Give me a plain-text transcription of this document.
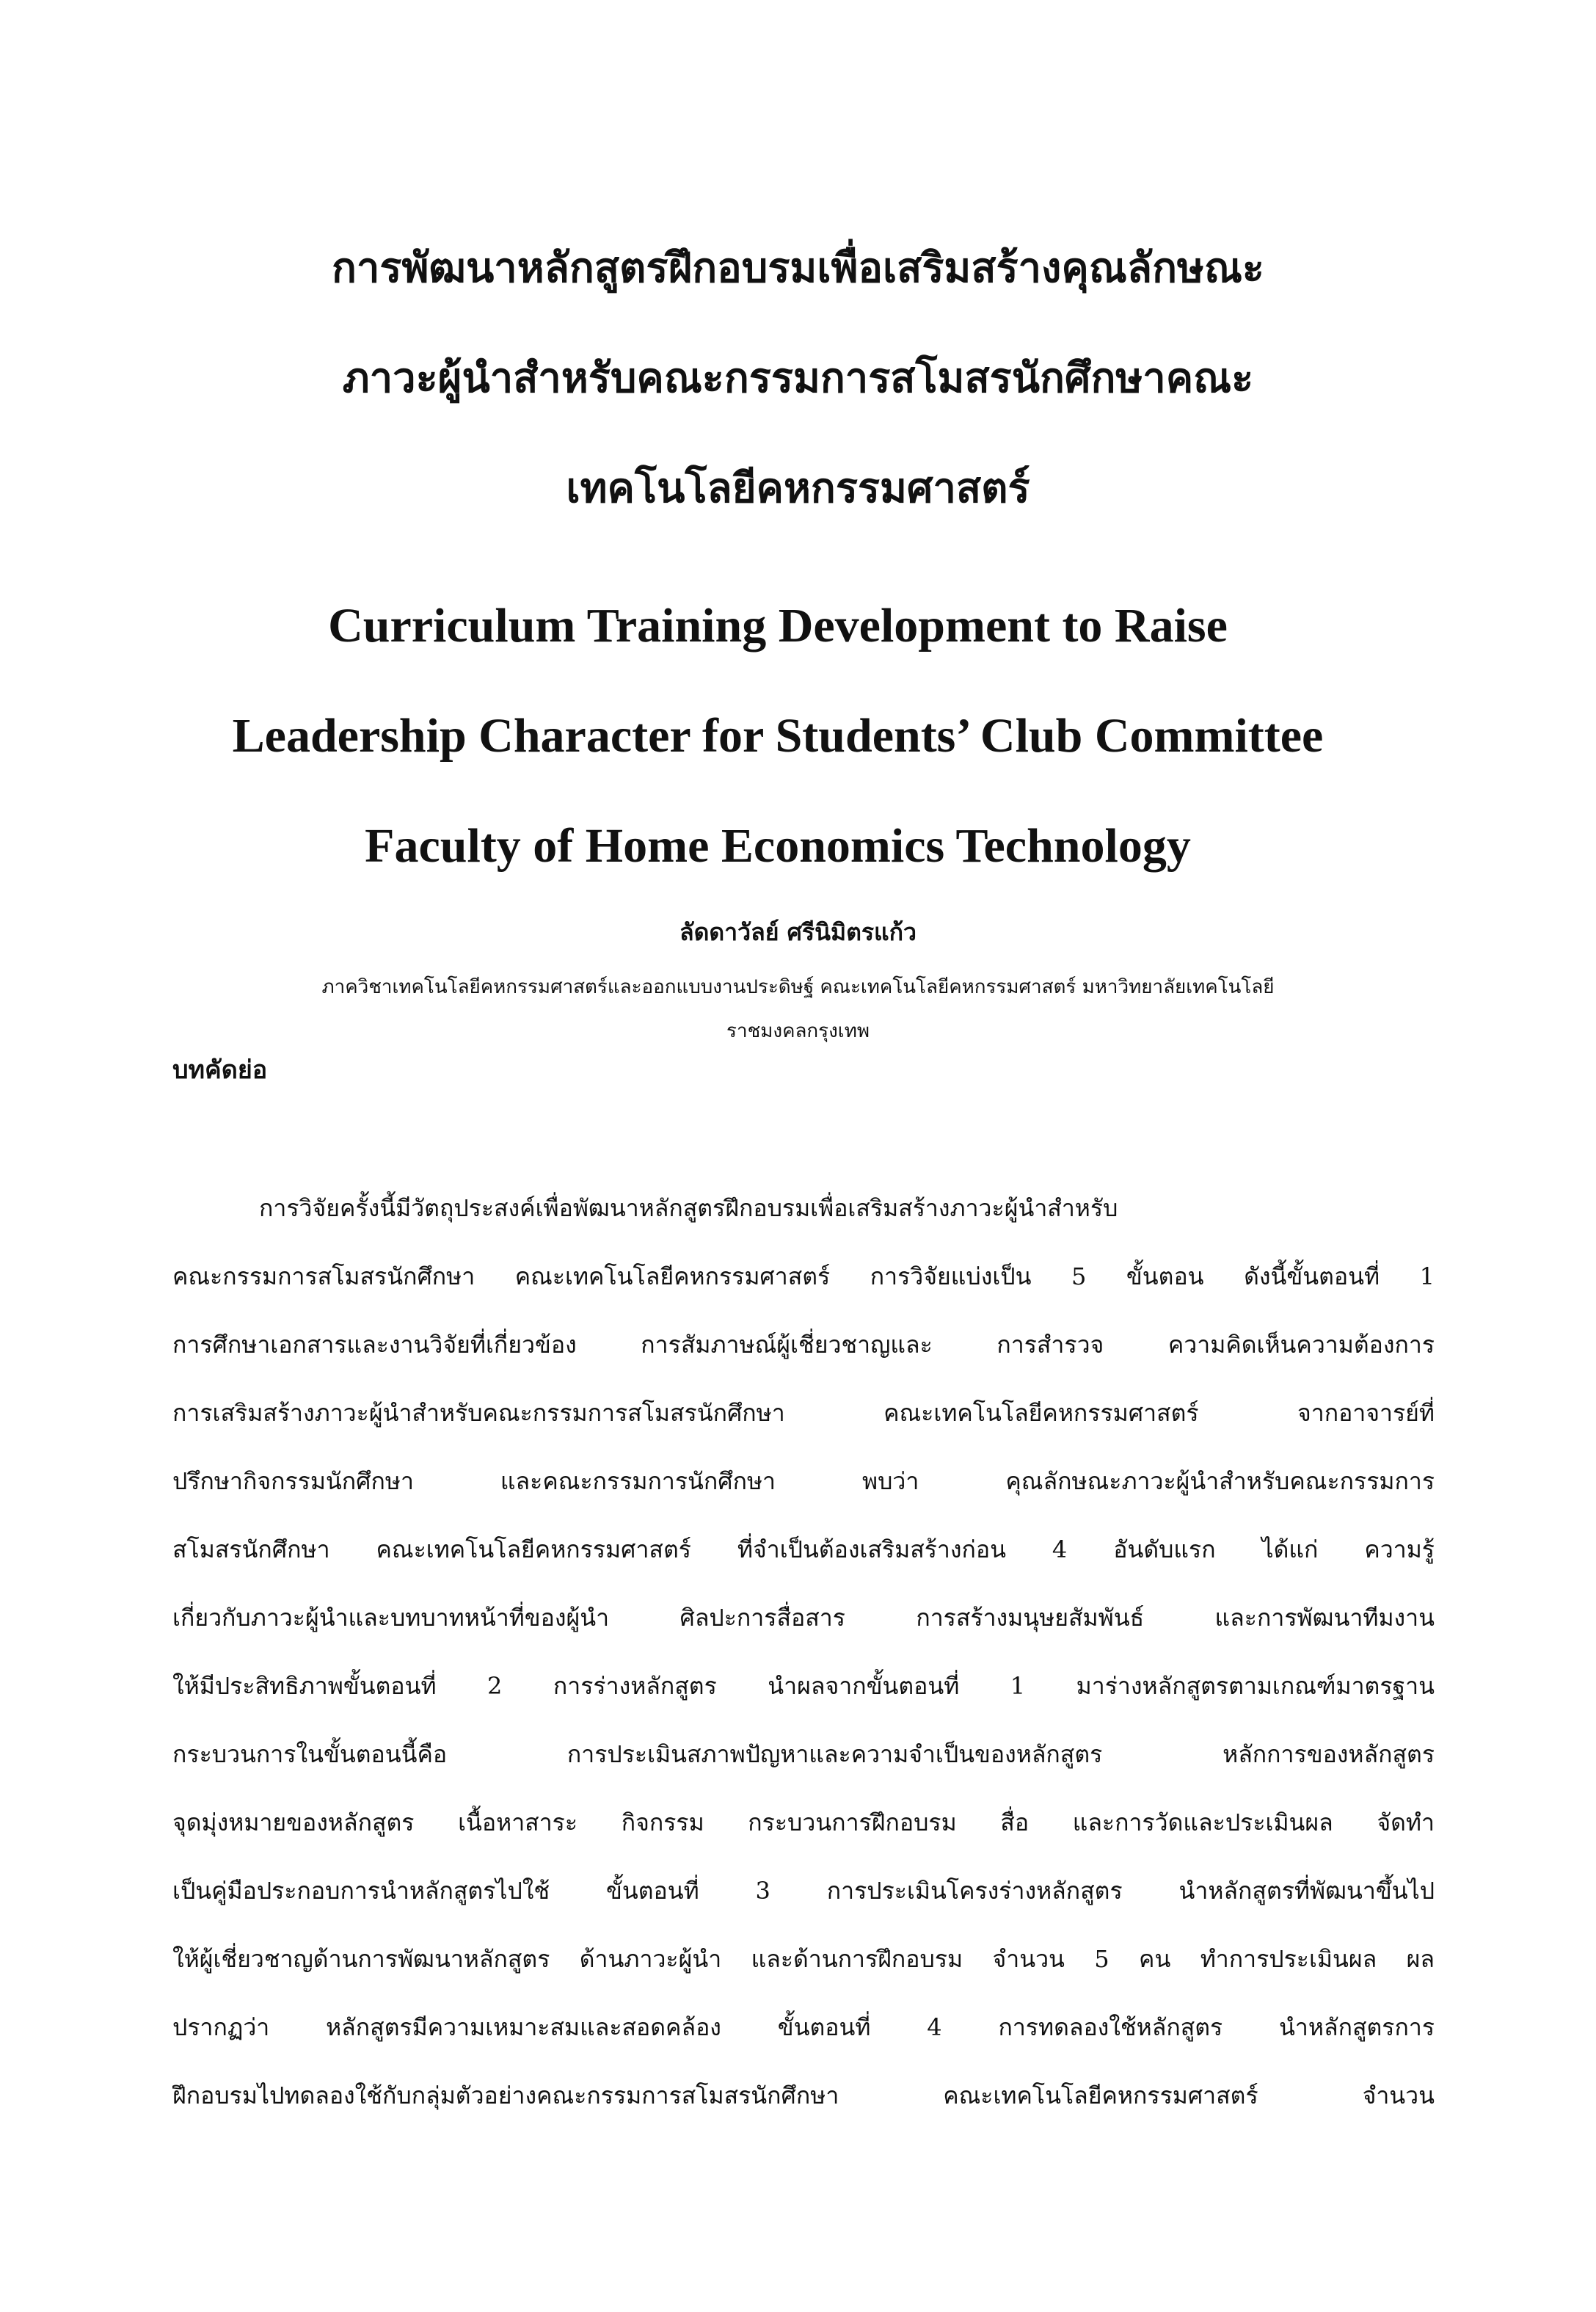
การพัฒนาหลักสูตรฝึกอบรมเพื่อเสริมสร้างคุณลักษณะ
ภาวะผู้นำสำหรับคณะกรรมการสโมสรนักศึกษาคณะ
เทคโนโลยีคหกรรมศาสตร์
Curriculum Training Development to Raise
Leadership Character for Students’ Club Committee
Faculty of Home Economics Technology
ลัดดาวัลย์ ศรีนิมิตรแก้ว
ภาควิชาเทคโนโลยีคหกรรมศาสตร์และออกแบบงานประดิษฐ์ คณะเทคโนโลยีคหกรรมศาสตร์ มหาวิทยาลัยเทคโนโลยี
ราชมงคลกรุงเทพ
บทคัดย่อ
การวิจัยครั้งนี้มีวัตถุประสงค์เพื่อพัฒนาหลักสูตรฝึกอบรมเพื่อเสริมสร้างภาวะผู้นำสำหรับ
คณะกรรมการสโมสรนักศึกษา คณะเทคโนโลยีคหกรรมศาสตร์ การวิจัยแบ่งเป็น 5 ขั้นตอน ดังนี้ขั้นตอนที่ 1
การศึกษาเอกสารและงานวิจัยที่เกี่ยวข้อง การสัมภาษณ์ผู้เชี่ยวชาญและ การสำรวจ ความคิดเห็นความต้องการ
การเสริมสร้างภาวะผู้นำสำหรับคณะกรรมการสโมสรนักศึกษา คณะเทคโนโลยีคหกรรมศาสตร์ จากอาจารย์ที่
ปรึกษากิจกรรมนักศึกษา และคณะกรรมการนักศึกษา พบว่า คุณลักษณะภาวะผู้นำสำหรับคณะกรรมการ
สโมสรนักศึกษา คณะเทคโนโลยีคหกรรมศาสตร์ ที่จำเป็นต้องเสริมสร้างก่อน 4 อันดับแรก ได้แก่ ความรู้
เกี่ยวกับภาวะผู้นำและบทบาทหน้าที่ของผู้นำ ศิลปะการสื่อสาร การสร้างมนุษยสัมพันธ์ และการพัฒนาทีมงาน
ให้มีประสิทธิภาพขั้นตอนที่ 2 การร่างหลักสูตร นำผลจากขั้นตอนที่ 1 มาร่างหลักสูตรตามเกณฑ์มาตรฐาน
กระบวนการในขั้นตอนนี้คือ การประเมินสภาพปัญหาและความจำเป็นของหลักสูตร หลักการของหลักสูตร
จุดมุ่งหมายของหลักสูตร เนื้อหาสาระ กิจกรรม กระบวนการฝึกอบรม สื่อ และการวัดและประเมินผล จัดทำ
เป็นคู่มือประกอบการนำหลักสูตรไปใช้ ขั้นตอนที่ 3 การประเมินโครงร่างหลักสูตร นำหลักสูตรที่พัฒนาขึ้นไป
ให้ผู้เชี่ยวชาญด้านการพัฒนาหลักสูตร ด้านภาวะผู้นำ และด้านการฝึกอบรม จำนวน 5 คน ทำการประเมินผล ผล
ปรากฏว่า หลักสูตรมีความเหมาะสมและสอดคล้อง ขั้นตอนที่ 4 การทดลองใช้หลักสูตร นำหลักสูตรการ
ฝึกอบรมไปทดลองใช้กับกลุ่มตัวอย่างคณะกรรมการสโมสรนักศึกษา คณะเทคโนโลยีคหกรรมศาสตร์ จำนวน
